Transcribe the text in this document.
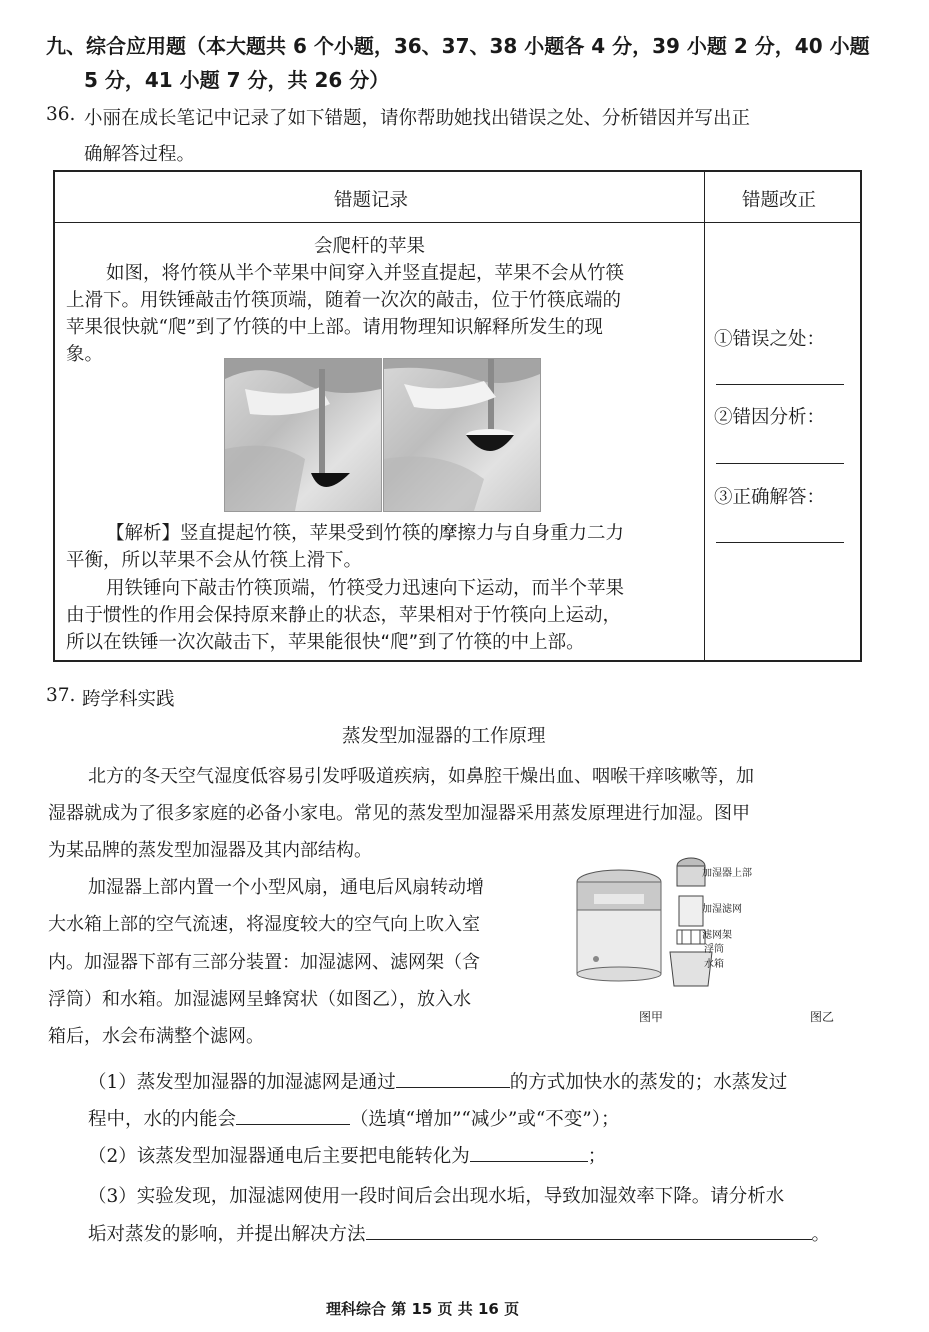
九、综合应用题（本大题共 6 个小题，36、37、38 小题各 4 分，39 小题 2 分，40 小题
5 分，41 小题 7 分，共 26 分）
36. 小丽在成长笔记中记录了如下错题，请你帮助她找出错误之处、分析错因并写出正
确解答过程。
错题记录	错题改正
会爬杆的苹果
如图，将竹筷从半个苹果中间穿入并竖直提起，苹果不会从竹筷
上滑下。用铁锤敲击竹筷顶端，随着一次次的敲击，位于竹筷底端的
苹果很快就“爬”到了竹筷的中上部。请用物理知识解释所发生的现
象。
【解析】竖直提起竹筷，苹果受到竹筷的摩擦力与自身重力二力
平衡，所以苹果不会从竹筷上滑下。
用铁锤向下敲击竹筷顶端，竹筷受力迅速向下运动，而半个苹果
由于惯性的作用会保持原来静止的状态，苹果相对于竹筷向上运动，
所以在铁锤一次次敲击下，苹果能很快“爬”到了竹筷的中上部。
①错误之处：
②错因分析：
③正确解答：
37. 跨学科实践
蒸发型加湿器的工作原理
北方的冬天空气湿度低容易引发呼吸道疾病，如鼻腔干燥出血、咽喉干痒咳嗽等，加
湿器就成为了很多家庭的必备小家电。常见的蒸发型加湿器采用蒸发原理进行加湿。图甲
为某品牌的蒸发型加湿器及其内部结构。
加湿器上部内置一个小型风扇，通电后风扇转动增
大水箱上部的空气流速，将湿度较大的空气向上吹入室
内。加湿器下部有三部分装置：加湿滤网、滤网架（含
浮筒）和水箱。加湿滤网呈蜂窝状（如图乙），放入水
箱后，水会布满整个滤网。
加湿器上部
加湿滤网
滤网架
浮筒
水箱
图甲	图乙
（1）蒸发型加湿器的加湿滤网是通过	的方式加快水的蒸发的；水蒸发过
程中，水的内能会	（选填“增加”“减少”或“不变”）；
（2）该蒸发型加湿器通电后主要把电能转化为	；
（3）实验发现，加湿滤网使用一段时间后会出现水垢，导致加湿效率下降。请分析水
垢对蒸发的影响，并提出解决方法	。
理科综合 第 15 页 共 16 页
